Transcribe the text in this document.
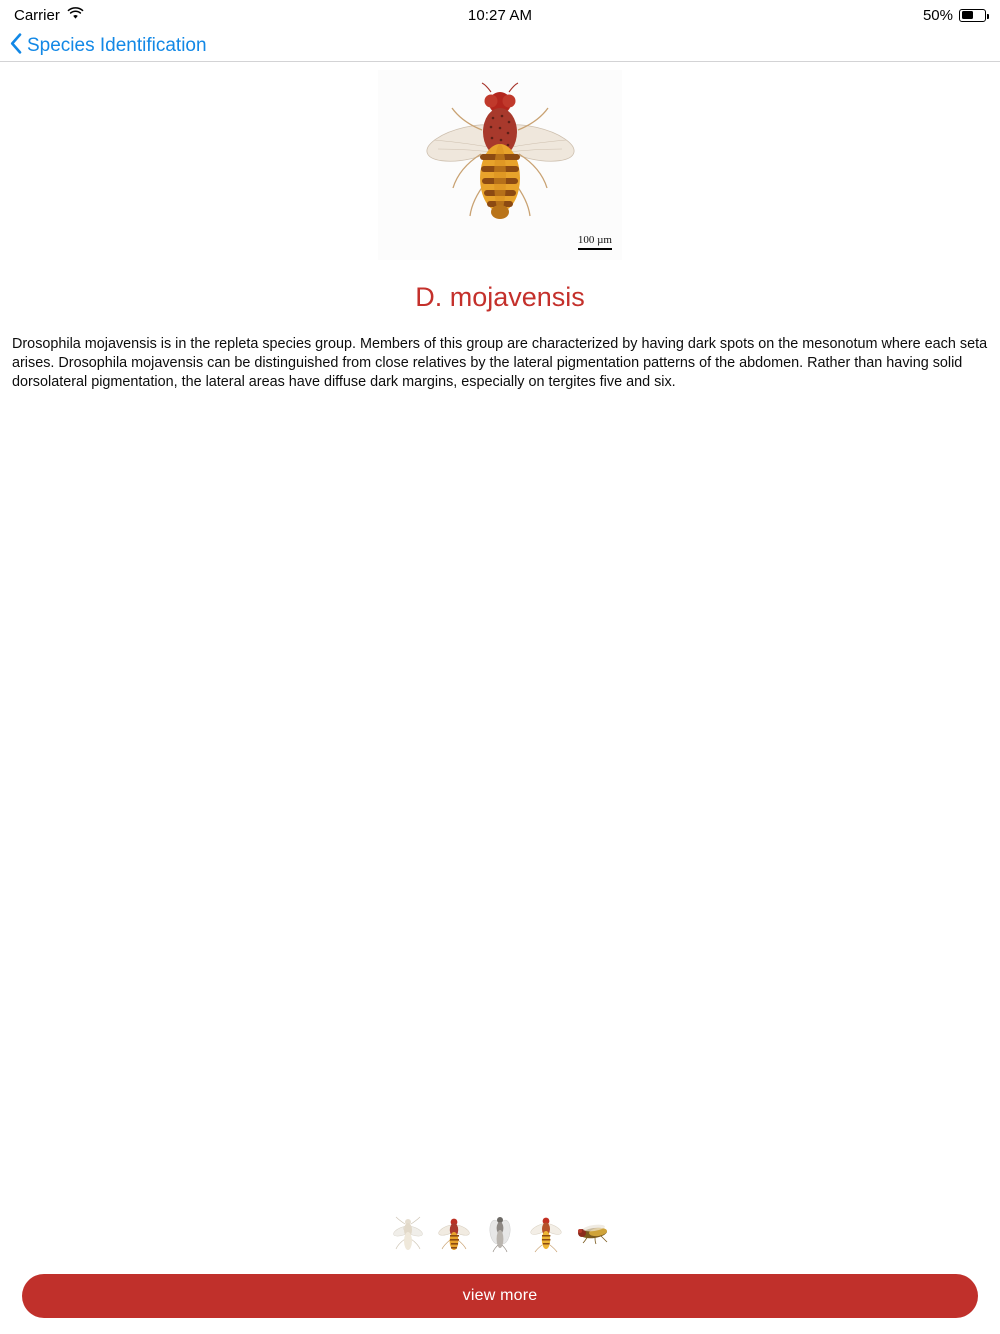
Carrier	10:27 AM	50%
Species Identification
100 µm
D. mojavensis

Drosophila mojavensis is in the repleta species group. Members of this group are characterized by having dark spots on the mesonotum where each seta arises. Drosophila mojavensis can be distinguished from close relatives by the lateral pigmentation patterns of the abdomen. Rather than having solid dorsolateral pigmentation, the lateral areas have diffuse dark margins, especially on tergites five and six.

view more
